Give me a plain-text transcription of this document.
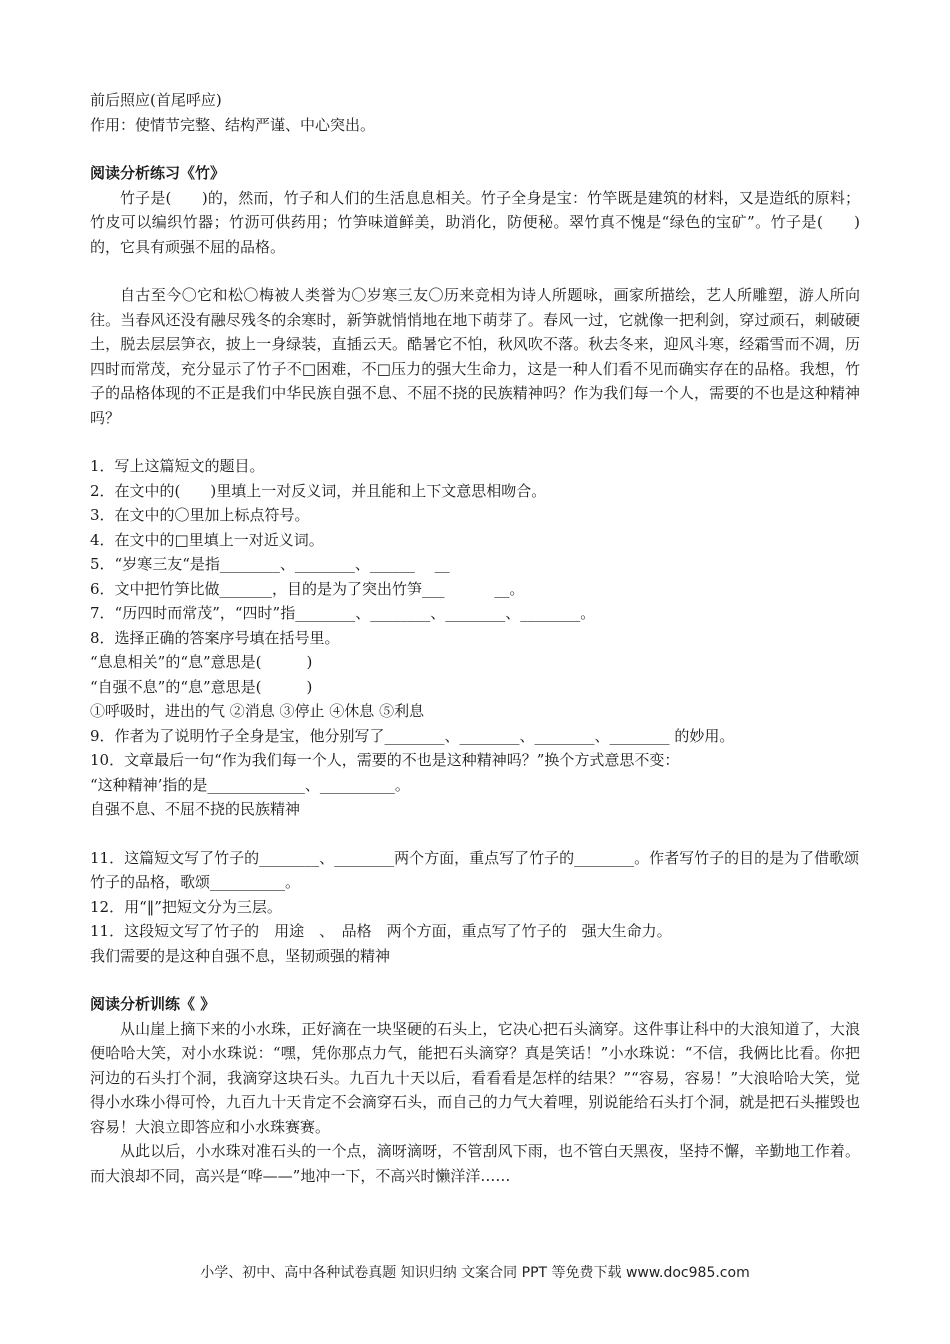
前后照应(首尾呼应)
作用：使情节完整、结构严谨、中心突出。
阅读分析练习《竹》
竹子是(　　)的，然而，竹子和人们的生活息息相关。竹子全身是宝：竹竿既是建筑的材料，又是造纸的原料；竹皮可以编织竹器；竹沥可供药用；竹笋味道鲜美，助消化，防便秘。翠竹真不愧是“绿色的宝矿”。竹子是(　　)的，它具有顽强不屈的品格。
自古至今〇它和松〇梅被人类誉为〇岁寒三友〇历来竞相为诗人所题咏，画家所描绘，艺人所雕塑，游人所向往。当春风还没有融尽残冬的余寒时，新笋就悄悄地在地下萌芽了。春风一过，它就像一把利剑，穿过顽石，刺破硬土，脱去层层笋衣，披上一身绿装，直插云天。酷暑它不怕，秋风吹不落。秋去冬来，迎风斗寒，经霜雪而不凋，历四时而常茂，充分显示了竹子不□困难，不□压力的强大生命力，这是一种人们看不见而确实存在的品格。我想，竹子的品格体现的不正是我们中华民族自强不息、不屈不挠的民族精神吗？作为我们每一个人，需要的不也是这种精神吗？
1．写上这篇短文的题目。
2．在文中的(　　)里填上一对反义词，并且能和上下文意思相吻合。
3．在文中的〇里加上标点符号。
4．在文中的□里填上一对近义词。
5．“岁寒三友“是指________、________、______　 __
6．文中把竹笋比做_______，目的是为了突出竹笋___　　　 __。
7．“历四时而常茂”，“四时”指________、________、________、________。
8．选择正确的答案序号填在括号里。
“息息相关”的“息”意思是(　　　)
“自强不息”的“息”意思是(　　　)
①呼吸时，进出的气 ②消息 ③停止 ④休息 ⑤利息
9．作者为了说明竹子全身是宝，他分别写了________、________、________、________ 的妙用。
10．文章最后一句“作为我们每一个人，需要的不也是这种精神吗？”换个方式意思不变：
“这种精神’指的是_____________、__________。
自强不息、不屈不挠的民族精神
11．这篇短文写了竹子的________、________两个方面，重点写了竹子的________。作者写竹子的目的是为了借歌颂竹子的品格，歌颂__________。
12．用“‖”把短文分为三层。
11．这段短文写了竹子的　用途　、　品格　两个方面，重点写了竹子的　强大生命力。
我们需要的是这种自强不息，坚韧顽强的精神
阅读分析训练《 》
从山崖上摘下来的小水珠，正好滴在一块坚硬的石头上，它决心把石头滴穿。这件事让科中的大浪知道了，大浪便哈哈大笑，对小水珠说：“嘿，凭你那点力气，能把石头滴穿？真是笑话！”小水珠说：“不信，我俩比比看。你把河边的石头打个洞，我滴穿这块石头。九百九十天以后，看看看是怎样的结果？”“容易，容易！”大浪哈哈大笑，觉得小水珠小得可怜，九百九十天肯定不会滴穿石头，而自己的力气大着哩，别说能给石头打个洞，就是把石头摧毁也容易！大浪立即答应和小水珠赛赛。
从此以后，小水珠对准石头的一个点，滴呀滴呀，不管刮风下雨，也不管白天黑夜，坚持不懈，辛勤地工作着。而大浪却不同，高兴是“哗——”地冲一下，不高兴时懒洋洋……
小学、初中、高中各种试卷真题 知识归纳 文案合同 PPT 等免费下载 www.doc985.com
